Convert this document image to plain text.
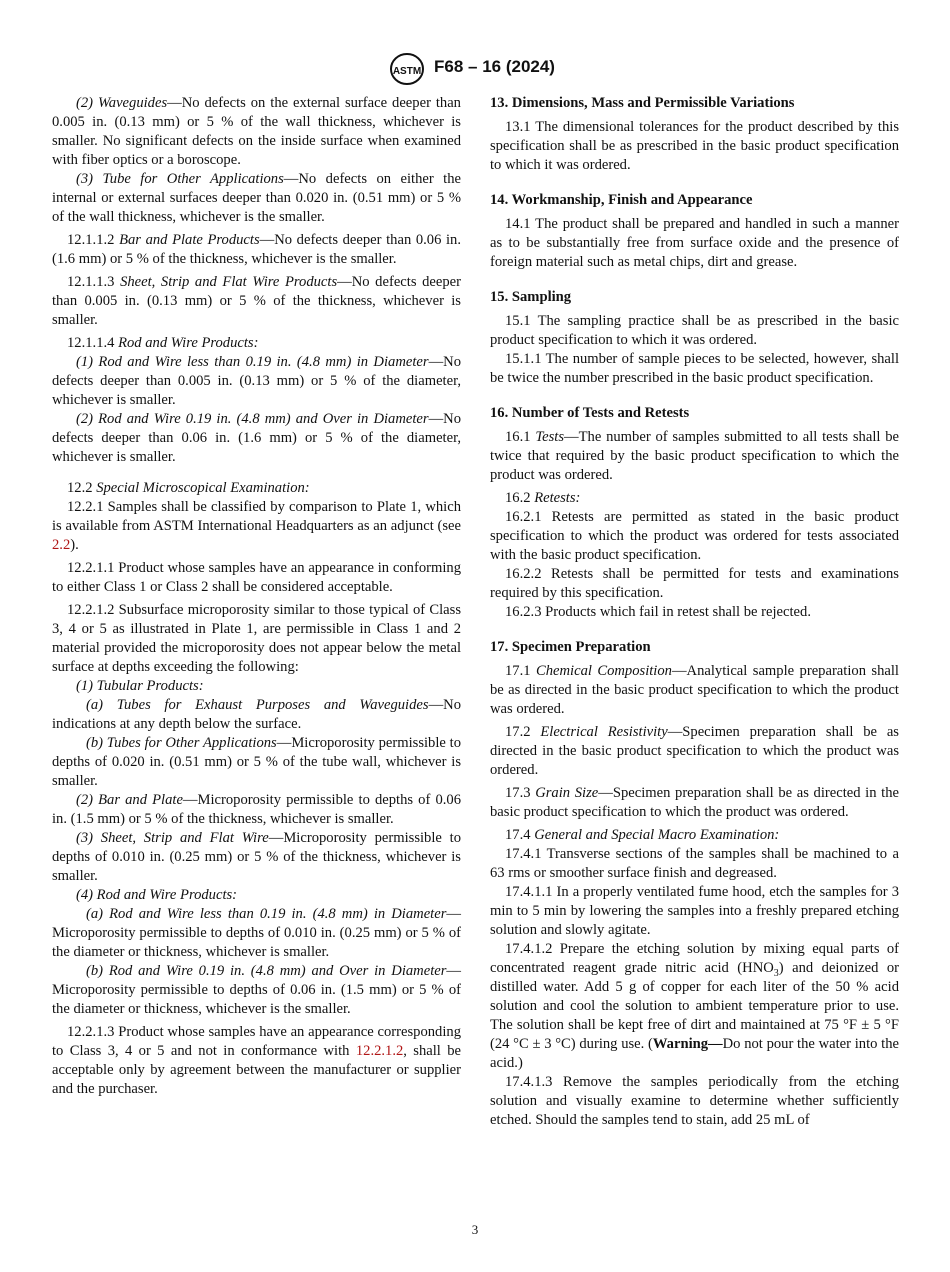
ASTM F68 – 16 (2024)

(2) Waveguides—No defects on the external surface deeper than 0.005 in. (0.13 mm) or 5 % of the wall thickness, whichever is smaller. No significant defects on the inside surface when examined with fiber optics or a boroscope.

(3) Tube for Other Applications—No defects on either the internal or external surfaces deeper than 0.020 in. (0.51 mm) or 5 % of the wall thickness, whichever is the smaller.

12.1.1.2 Bar and Plate Products—No defects deeper than 0.06 in. (1.6 mm) or 5 % of the thickness, whichever is the smaller.

12.1.1.3 Sheet, Strip and Flat Wire Products—No defects deeper than 0.005 in. (0.13 mm) or 5 % of the thickness, whichever is smaller.

12.1.1.4 Rod and Wire Products:

(1) Rod and Wire less than 0.19 in. (4.8 mm) in Diameter—No defects deeper than 0.005 in. (0.13 mm) or 5 % of the diameter, whichever is smaller.

(2) Rod and Wire 0.19 in. (4.8 mm) and Over in Diameter—No defects deeper than 0.06 in. (1.6 mm) or 5 % of the diameter, whichever is smaller.

12.2 Special Microscopical Examination:

12.2.1 Samples shall be classified by comparison to Plate 1, which is available from ASTM International Headquarters as an adjunct (see 2.2).

12.2.1.1 Product whose samples have an appearance in conforming to either Class 1 or Class 2 shall be considered acceptable.

12.2.1.2 Subsurface microporosity similar to those typical of Class 3, 4 or 5 as illustrated in Plate 1, are permissible in Class 1 and 2 material provided the microporosity does not appear below the metal surface at depths exceeding the following:

(1) Tubular Products:

(a) Tubes for Exhaust Purposes and Waveguides—No indications at any depth below the surface.

(b) Tubes for Other Applications—Microporosity permissible to depths of 0.020 in. (0.51 mm) or 5 % of the tube wall, whichever is smaller.

(2) Bar and Plate—Microporosity permissible to depths of 0.06 in. (1.5 mm) or 5 % of the thickness, whichever is smaller.

(3) Sheet, Strip and Flat Wire—Microporosity permissible to depths of 0.010 in. (0.25 mm) or 5 % of the thickness, whichever is smaller.

(4) Rod and Wire Products:

(a) Rod and Wire less than 0.19 in. (4.8 mm) in Diameter—Microporosity permissible to depths of 0.010 in. (0.25 mm) or 5 % of the diameter or thickness, whichever is smaller.

(b) Rod and Wire 0.19 in. (4.8 mm) and Over in Diameter—Microporosity permissible to depths of 0.06 in. (1.5 mm) or 5 % of the diameter or thickness, whichever is the smaller.

12.2.1.3 Product whose samples have an appearance corresponding to Class 3, 4 or 5 and not in conformance with 12.2.1.2, shall be acceptable only by agreement between the manufacturer or supplier and the purchaser.

13. Dimensions, Mass and Permissible Variations

13.1 The dimensional tolerances for the product described by this specification shall be as prescribed in the basic product specification to which it was ordered.

14. Workmanship, Finish and Appearance

14.1 The product shall be prepared and handled in such a manner as to be substantially free from surface oxide and the presence of foreign material such as metal chips, dirt and grease.

15. Sampling

15.1 The sampling practice shall be as prescribed in the basic product specification to which it was ordered.

15.1.1 The number of sample pieces to be selected, however, shall be twice the number prescribed in the basic product specification.

16. Number of Tests and Retests

16.1 Tests—The number of samples submitted to all tests shall be twice that required by the basic product specification to which the product was ordered.

16.2 Retests:

16.2.1 Retests are permitted as stated in the basic product specification to which the product was ordered for tests associated with the basic product specification.

16.2.2 Retests shall be permitted for tests and examinations required by this specification.

16.2.3 Products which fail in retest shall be rejected.

17. Specimen Preparation

17.1 Chemical Composition—Analytical sample preparation shall be as directed in the basic product specification to which the product was ordered.

17.2 Electrical Resistivity—Specimen preparation shall be as directed in the basic product specification to which the product was ordered.

17.3 Grain Size—Specimen preparation shall be as directed in the basic product specification to which the product was ordered.

17.4 General and Special Macro Examination:

17.4.1 Transverse sections of the samples shall be machined to a 63 rms or smoother surface finish and degreased.

17.4.1.1 In a properly ventilated fume hood, etch the samples for 3 min to 5 min by lowering the samples into a freshly prepared etching solution and slowly agitate.

17.4.1.2 Prepare the etching solution by mixing equal parts of concentrated reagent grade nitric acid $(HNO_3)$ and deionized or distilled water. Add 5 g of copper for each liter of the 50 % acid solution and cool the solution to ambient temperature prior to use. The solution shall be kept free of dirt and maintained at 75 °F ± 5 °F (24 °C ± 3 °C) during use. (Warning—Do not pour the water into the acid.)

17.4.1.3 Remove the samples periodically from the etching solution and visually examine to determine whether sufficiently etched. Should the samples tend to stain, add 25 mL of

3
